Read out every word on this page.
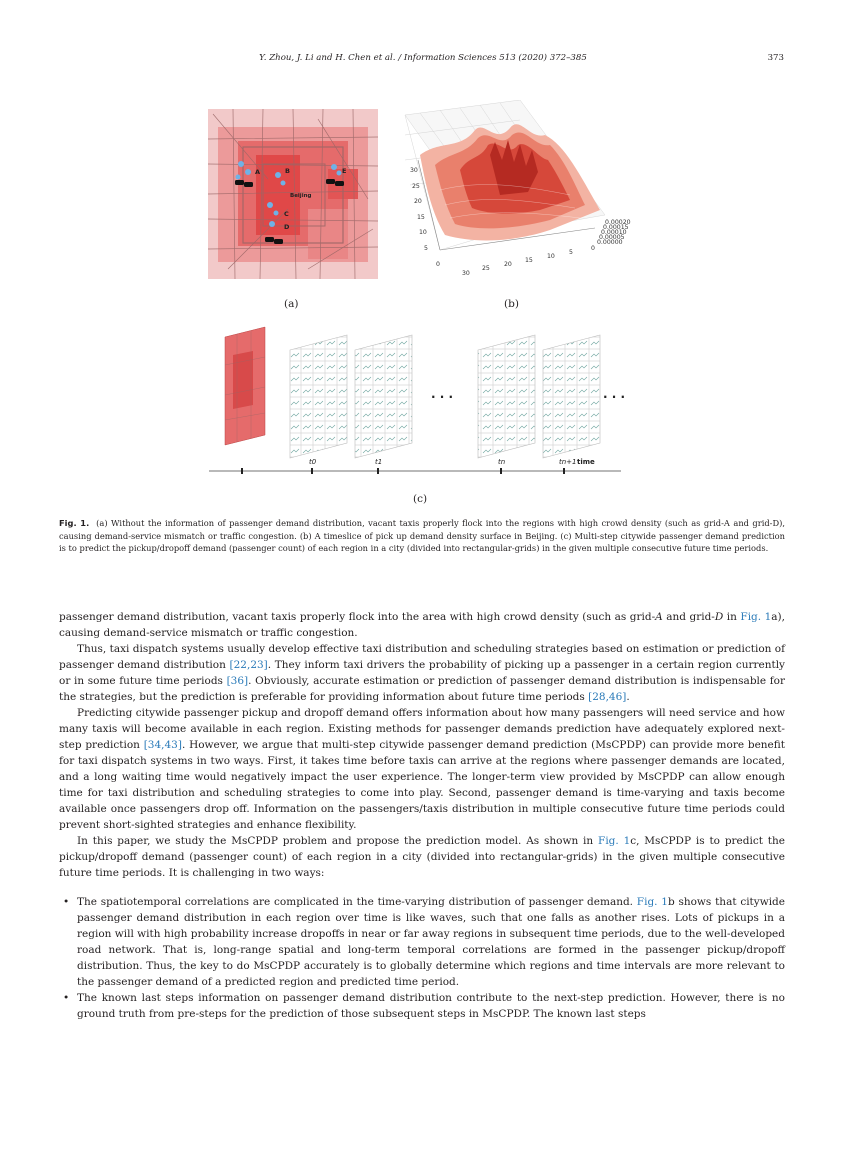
Y. Zhou, J. Li and H. Chen et al. / Information Sciences 513 (2020) 372–385	373
A	B
C
D
E
Beijing
(a)
30
25
20
15
10
5
0
30
25
20
15
10
5
0
0.00020
0.00015
0.00010
0.00005
0.00000
(b)
· · ·	· · ·
t0	t1	tn	tn+1 time
(c)
Fig. 1. (a) Without the information of passenger demand distribution, vacant taxis properly flock into the regions with high crowd density (such as grid-A and grid-D), causing demand-service mismatch or traffic congestion. (b) A timeslice of pick up demand density surface in Beijing. (c) Multi-step citywide passenger demand prediction is to predict the pickup/dropoff demand (passenger count) of each region in a city (divided into rectangular-grids) in the given multiple consecutive future time periods.

passenger demand distribution, vacant taxis properly flock into the area with high crowd density (such as grid-A and grid-D in Fig. 1a), causing demand-service mismatch or traffic congestion.

Thus, taxi dispatch systems usually develop effective taxi distribution and scheduling strategies based on estimation or prediction of passenger demand distribution [22,23]. They inform taxi drivers the probability of picking up a passenger in a certain region currently or in some future time periods [36]. Obviously, accurate estimation or prediction of passenger demand distribution is indispensable for the strategies, but the prediction is preferable for providing information about future time periods [28,46].

Predicting citywide passenger pickup and dropoff demand offers information about how many passengers will need service and how many taxis will become available in each region. Existing methods for passenger demands prediction have adequately explored next-step prediction [34,43]. However, we argue that multi-step citywide passenger demand prediction (MsCPDP) can provide more benefit for taxi dispatch systems in two ways. First, it takes time before taxis can arrive at the regions where passenger demands are located, and a long waiting time would negatively impact the user experience. The longer-term view provided by MsCPDP can allow enough time for taxi distribution and scheduling strategies to come into play. Second, passenger demand is time-varying and taxis become available once passengers drop off. Information on the passengers/taxis distribution in multiple consecutive future time periods could prevent short-sighted strategies and enhance flexibility.

In this paper, we study the MsCPDP problem and propose the prediction model. As shown in Fig. 1c, MsCPDP is to predict the pickup/dropoff demand (passenger count) of each region in a city (divided into rectangular-grids) in the given multiple consecutive future time periods. It is challenging in two ways:

• The spatiotemporal correlations are complicated in the time-varying distribution of passenger demand. Fig. 1b shows that citywide passenger demand distribution in each region over time is like waves, such that one falls as another rises. Lots of pickups in a region will with high probability increase dropoffs in near or far away regions in subsequent time periods, due to the well-developed road network. That is, long-range spatial and long-term temporal correlations are formed in the passenger pickup/dropoff distribution. Thus, the key to do MsCPDP accurately is to globally determine which regions and time intervals are more relevant to the passenger demand of a predicted region and predicted time period.
• The known last steps information on passenger demand distribution contribute to the next-step prediction. However, there is no ground truth from pre-steps for the prediction of those subsequent steps in MsCPDP. The known last steps
